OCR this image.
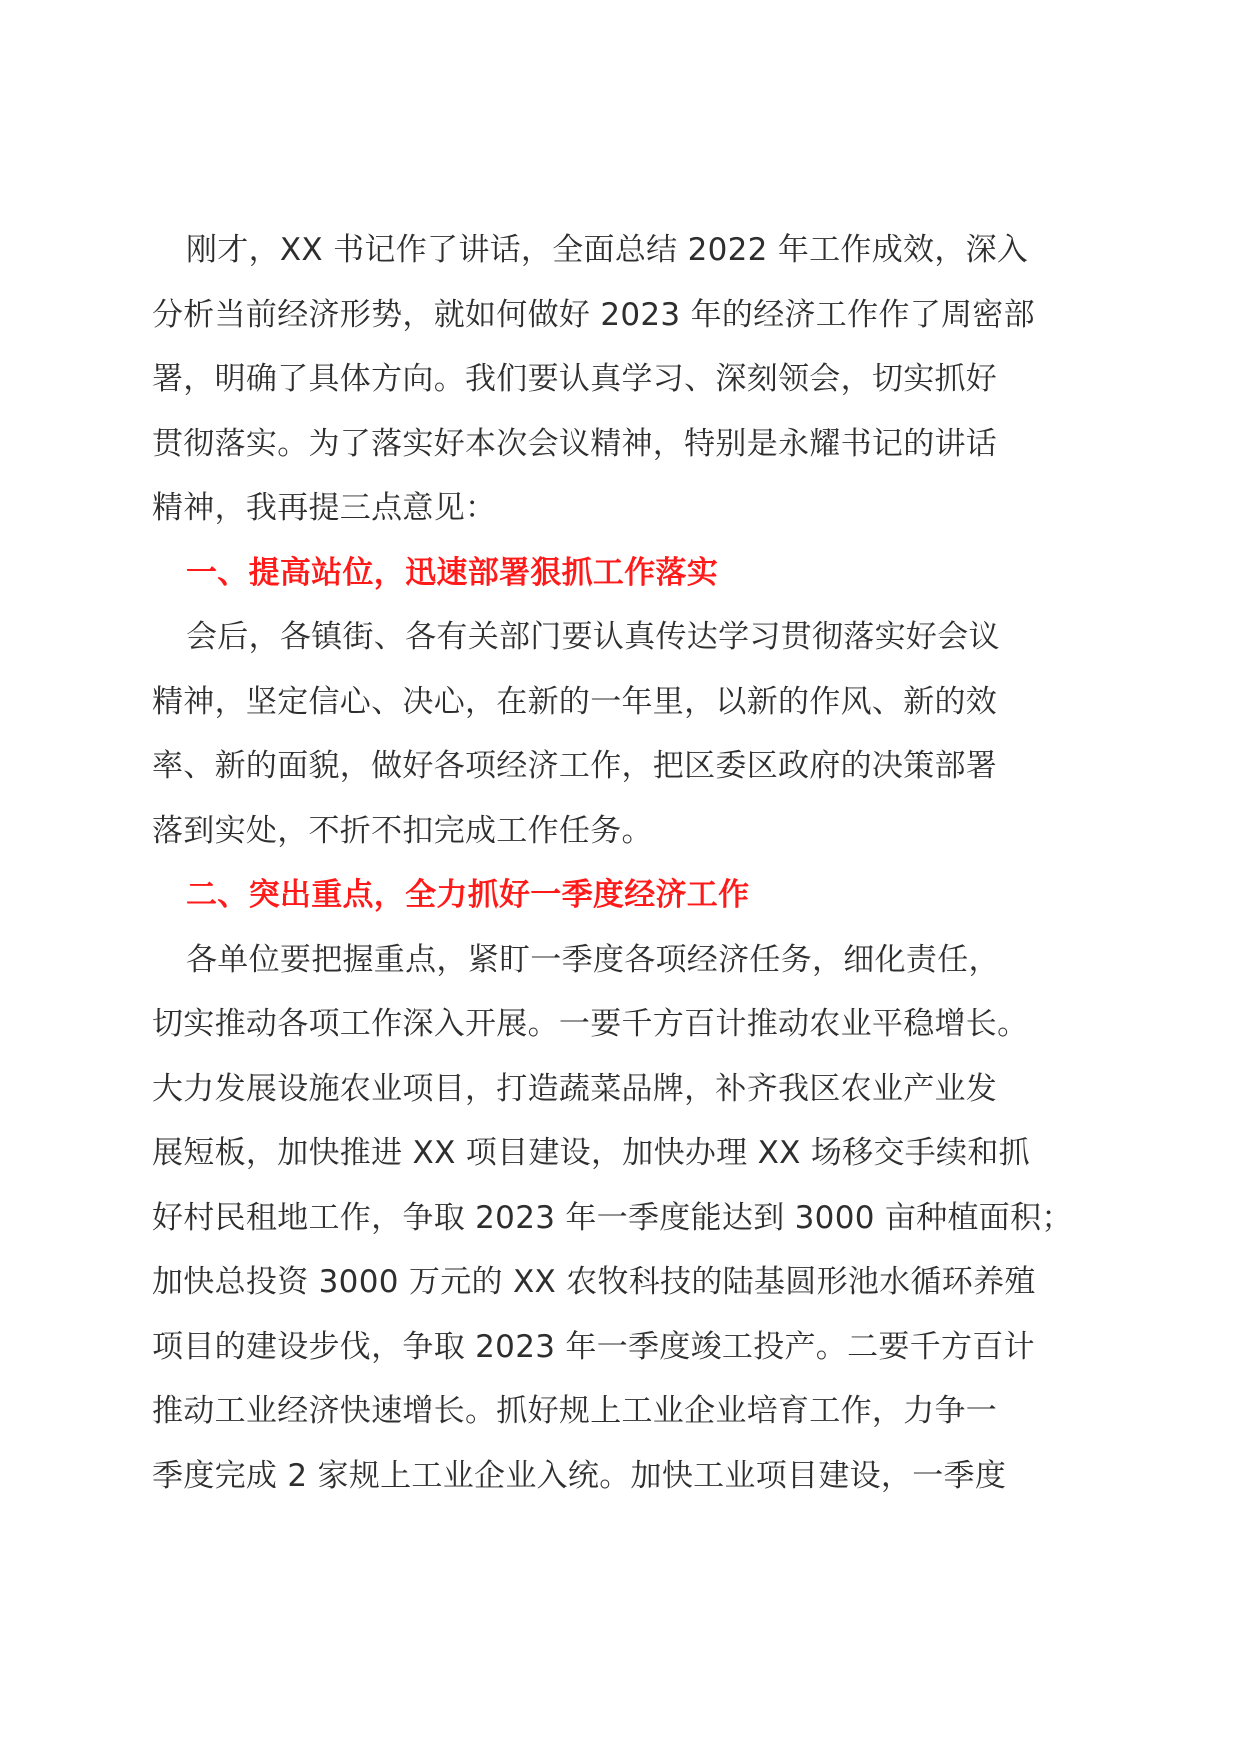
刚才，XX 书记作了讲话，全面总结 2022 年工作成效，深入
分析当前经济形势，就如何做好 2023 年的经济工作作了周密部
署，明确了具体方向。我们要认真学习、深刻领会，切实抓好
贯彻落实。为了落实好本次会议精神，特别是永耀书记的讲话
精神，我再提三点意见：
一、提高站位，迅速部署狠抓工作落实
会后，各镇街、各有关部门要认真传达学习贯彻落实好会议
精神，坚定信心、决心，在新的一年里，以新的作风、新的效
率、新的面貌，做好各项经济工作，把区委区政府的决策部署
落到实处，不折不扣完成工作任务。
二、突出重点，全力抓好一季度经济工作
各单位要把握重点，紧盯一季度各项经济任务，细化责任，
切实推动各项工作深入开展。一要千方百计推动农业平稳增长。
大力发展设施农业项目，打造蔬菜品牌，补齐我区农业产业发
展短板，加快推进 XX 项目建设，加快办理 XX 场移交手续和抓
好村民租地工作，争取 2023 年一季度能达到 3000 亩种植面积；
加快总投资 3000 万元的 XX 农牧科技的陆基圆形池水循环养殖
项目的建设步伐，争取 2023 年一季度竣工投产。二要千方百计
推动工业经济快速增长。抓好规上工业企业培育工作，力争一
季度完成 2 家规上工业企业入统。加快工业项目建设，一季度
